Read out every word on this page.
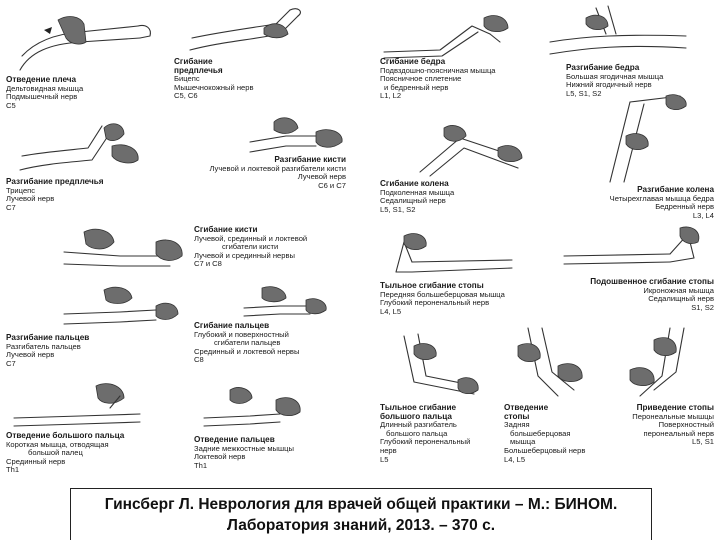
Отведение плеча
Дельтовидная мышца
Подмышечный нерв
C5
Сгибание предплечья
Бицепс
Мышечнокожный нерв
C5, C6
Разгибание предплечья
Трицепс
Лучевой нерв
C7
Разгибание кисти
Лучевой и локтевой разгибатели кисти
Лучевой нерв
C6 и C7
Сгибание кисти
Лучевой, срединный и локтевой
сгибатели кисти
Лучевой и срединный нервы
C7 и C8
Разгибание пальцев
Разгибатель пальцев
Лучевой нерв
C7
Сгибание пальцев
Глубокий и поверхностный
сгибатели пальцев
Срединный и локтевой нервы
C8
Отведение большого пальца
Короткая мышца, отводящая
большой палец
Срединный нерв
Th1
Отведение пальцев
Задние межкостные мышцы
Локтевой нерв
Th1
Сгибание бедра
Подвздошно-поясничная мышца
Поясничное сплетение
и бедренный нерв
L1, L2
Разгибание бедра
Большая ягодичная мышца
Нижний ягодичный нерв
L5, S1, S2
Сгибание колена
Подколенная мышца
Седалищный нерв
L5, S1, S2
Разгибание колена
Четырехглавая мышца бедра
Бедренный нерв
L3, L4
Тыльное сгибание стопы
Передняя большеберцовая мышца
Глубокий пероненальный нерв
L4, L5
Подошвенное сгибание стопы
Икроножная мышца
Седалищный нерв
S1, S2
Тыльное сгибание большого пальца
Длинный разгибатель
большого пальца
Глубокий пероненальный
нерв
L5
Отведение стопы
Задняя
большеберцовая
мышца
Большеберцовый нерв
L4, L5
Приведение стопы
Перонеальные мышцы
Поверхностный
перонеальный нерв
L5, S1
Гинсберг Л. Неврология для врачей общей практики – М.: БИНОМ.
Лаборатория знаний, 2013. – 370 с.
